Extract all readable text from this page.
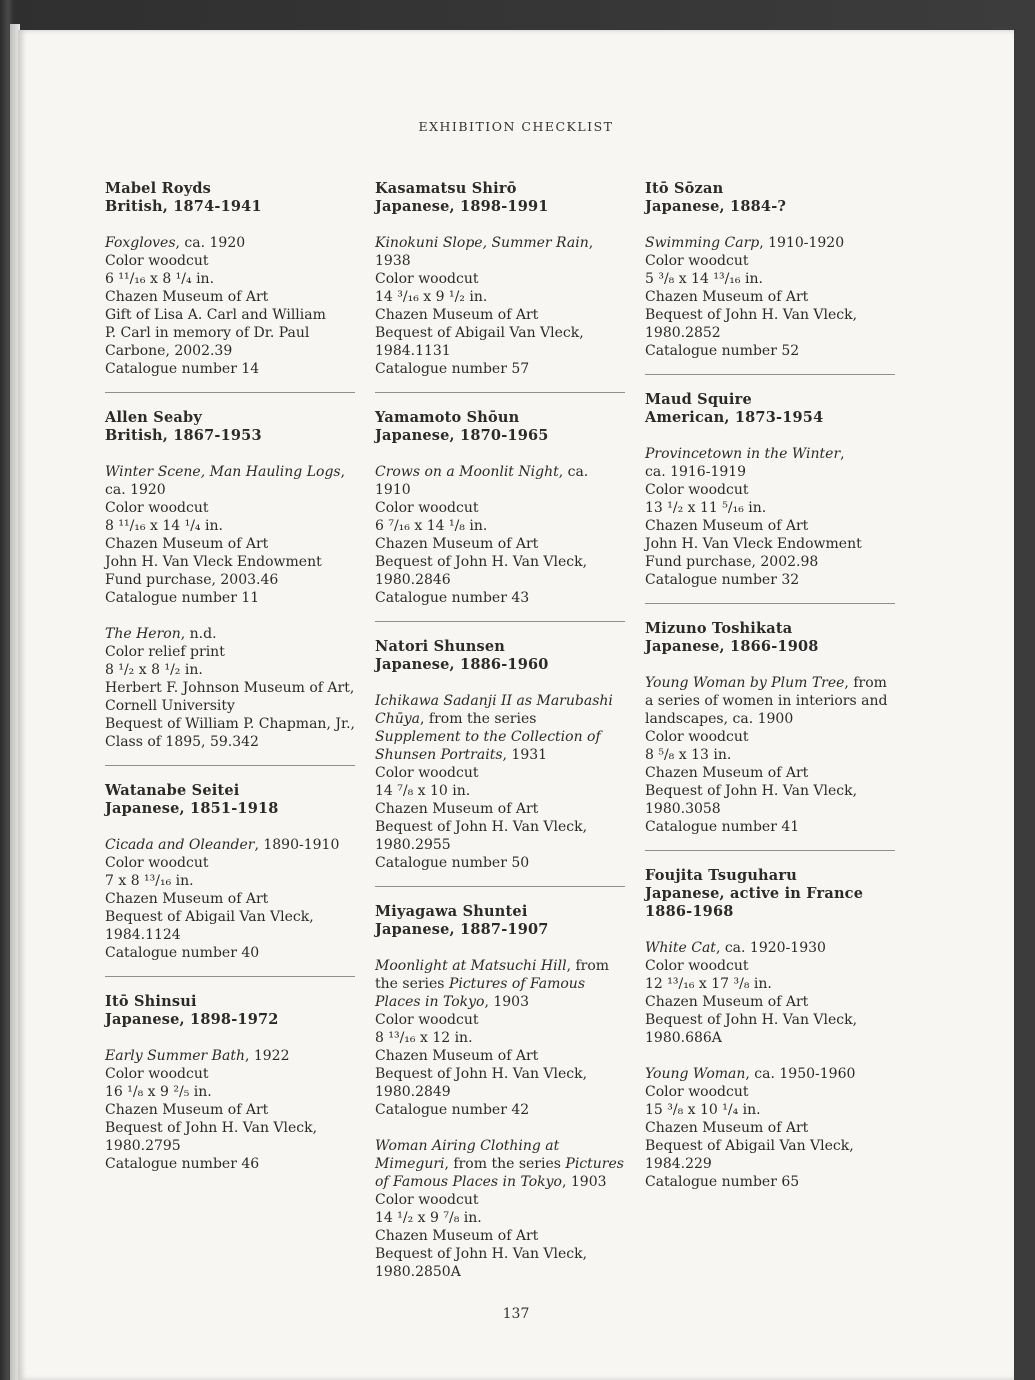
EXHIBITION CHECKLIST
Mabel Royds
British, 1874-1941
Foxgloves, ca. 1920
Color woodcut
6 ¹¹/₁₆ x 8 ¹/₄ in.
Chazen Museum of Art
Gift of Lisa A. Carl and William
P. Carl in memory of Dr. Paul
Carbone, 2002.39
Catalogue number 14
Allen Seaby
British, 1867-1953
Winter Scene, Man Hauling Logs,
ca. 1920
Color woodcut
8 ¹¹/₁₆ x 14 ¹/₄ in.
Chazen Museum of Art
John H. Van Vleck Endowment
Fund purchase, 2003.46
Catalogue number 11
The Heron, n.d.
Color relief print
8 ¹/₂ x 8 ¹/₂ in.
Herbert F. Johnson Museum of Art,
Cornell University
Bequest of William P. Chapman, Jr.,
Class of 1895, 59.342
Watanabe Seitei
Japanese, 1851-1918
Cicada and Oleander, 1890-1910
Color woodcut
7 x 8 ¹³/₁₆ in.
Chazen Museum of Art
Bequest of Abigail Van Vleck,
1984.1124
Catalogue number 40
Itō Shinsui
Japanese, 1898-1972
Early Summer Bath, 1922
Color woodcut
16 ¹/₈ x 9 ²/₅ in.
Chazen Museum of Art
Bequest of John H. Van Vleck,
1980.2795
Catalogue number 46
Kasamatsu Shirō
Japanese, 1898-1991
Kinokuni Slope, Summer Rain, 1938
Color woodcut
14 ³/₁₆ x 9 ¹/₂ in.
Chazen Museum of Art
Bequest of Abigail Van Vleck,
1984.1131
Catalogue number 57
Yamamoto Shōun
Japanese, 1870-1965
Crows on a Moonlit Night, ca. 1910
Color woodcut
6 ⁷/₁₆ x 14 ¹/₈ in.
Chazen Museum of Art
Bequest of John H. Van Vleck,
1980.2846
Catalogue number 43
Natori Shunsen
Japanese, 1886-1960
Ichikawa Sadanji II as Marubashi Chūya, from the series Supplement to the Collection of Shunsen Portraits, 1931
Color woodcut
14 ⁷/₈ x 10 in.
Chazen Museum of Art
Bequest of John H. Van Vleck,
1980.2955
Catalogue number 50
Miyagawa Shuntei
Japanese, 1887-1907
Moonlight at Matsuchi Hill, from the series Pictures of Famous Places in Tokyo, 1903
Color woodcut
8 ¹³/₁₆ x 12 in.
Chazen Museum of Art
Bequest of John H. Van Vleck,
1980.2849
Catalogue number 42
Woman Airing Clothing at Mimeguri, from the series Pictures of Famous Places in Tokyo, 1903
Color woodcut
14 ¹/₂ x 9 ⁷/₈ in.
Chazen Museum of Art
Bequest of John H. Van Vleck,
1980.2850A
Itō Sōzan
Japanese, 1884-?
Swimming Carp, 1910-1920
Color woodcut
5 ³/₈ x 14 ¹³/₁₆ in.
Chazen Museum of Art
Bequest of John H. Van Vleck,
1980.2852
Catalogue number 52
Maud Squire
American, 1873-1954
Provincetown in the Winter,
ca. 1916-1919
Color woodcut
13 ¹/₂ x 11 ⁵/₁₆ in.
Chazen Museum of Art
John H. Van Vleck Endowment
Fund purchase, 2002.98
Catalogue number 32
Mizuno Toshikata
Japanese, 1866-1908
Young Woman by Plum Tree, from a series of women in interiors and landscapes, ca. 1900
Color woodcut
8 ⁵/₈ x 13 in.
Chazen Museum of Art
Bequest of John H. Van Vleck,
1980.3058
Catalogue number 41
Foujita Tsuguharu
Japanese, active in France 1886-1968
White Cat, ca. 1920-1930
Color woodcut
12 ¹³/₁₆ x 17 ³/₈ in.
Chazen Museum of Art
Bequest of John H. Van Vleck,
1980.686A
Young Woman, ca. 1950-1960
Color woodcut
15 ³/₈ x 10 ¹/₄ in.
Chazen Museum of Art
Bequest of Abigail Van Vleck,
1984.229
Catalogue number 65
137
